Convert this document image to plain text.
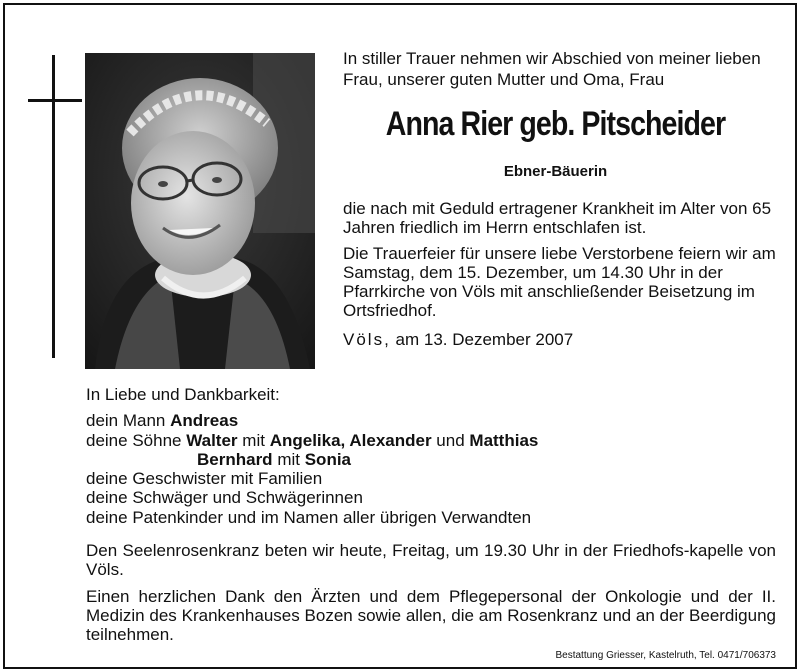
In stiller Trauer nehmen wir Abschied von meiner lieben Frau, unserer guten Mutter und Oma, Frau
Anna Rier geb. Pitscheider
Ebner-Bäuerin
die nach mit Geduld ertragener Krankheit im Alter von 65 Jahren friedlich im Herrn entschlafen ist.
Die Trauerfeier für unsere liebe Verstorbene feiern wir am Samstag, dem 15. Dezember, um 14.30 Uhr in der Pfarrkirche von Völs mit anschließender Beisetzung im Ortsfriedhof.
Völs, am 13. Dezember 2007
In Liebe und Dankbarkeit:
dein Mann Andreas
deine Söhne Walter mit Angelika, Alexander und Matthias
Bernhard mit Sonia
deine Geschwister mit Familien
deine Schwäger und Schwägerinnen
deine Patenkinder und im Namen aller übrigen Verwandten
Den Seelenrosenkranz beten wir heute, Freitag, um 19.30 Uhr in der Friedhofs-kapelle von Völs.
Einen herzlichen Dank den Ärzten und dem Pflegepersonal der Onkologie und der II. Medizin des Krankenhauses Bozen sowie allen, die am Rosenkranz und an der Beerdigung teilnehmen.
Bestattung Griesser, Kastelruth, Tel. 0471/706373
